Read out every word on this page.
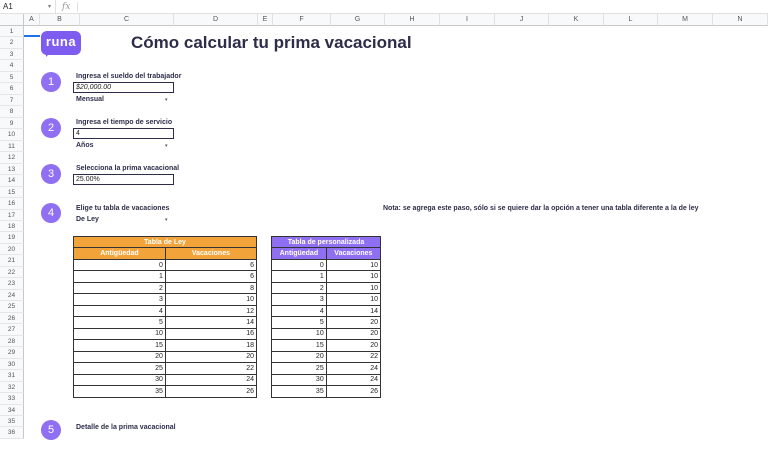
A1	▾ fx
A	B	C	D	E	F	G	H	I	J	K	L	M	N
1
2
3
4
5
6
7
8
9
10
11
12
13
14
15
16
17
18
19
20
21
22
23
24
25
26
27
28
29
30
31
32
33
34
35
36
runa	Cómo calcular tu prima vacacional
1	Ingresa el sueldo del trabajador
$20,000.00
Mensual	▾
2	Ingresa el tiempo de servicio
4
Años	▾
3	Selecciona la prima vacacional
25.00%
4	Elige tu tabla de vacaciones
De Ley	▾
Nota: se agrega este paso, sólo si se quiere dar la opción a tener una tabla diferente a la de ley
Tabla de Ley	
Antigüedad	Vacaciones
0	6
1	6
2	8
3	10
4	12
5	14
10	16
15	18
20	20
25	22
30	24
35	26
Tabla de personalizada	
Antigüedad	Vacaciones
0	10
1	10
2	10
3	10
4	14
5	20
10	20
15	20
20	22
25	24
30	24
35	26
5	Detalle de la prima vacacional
